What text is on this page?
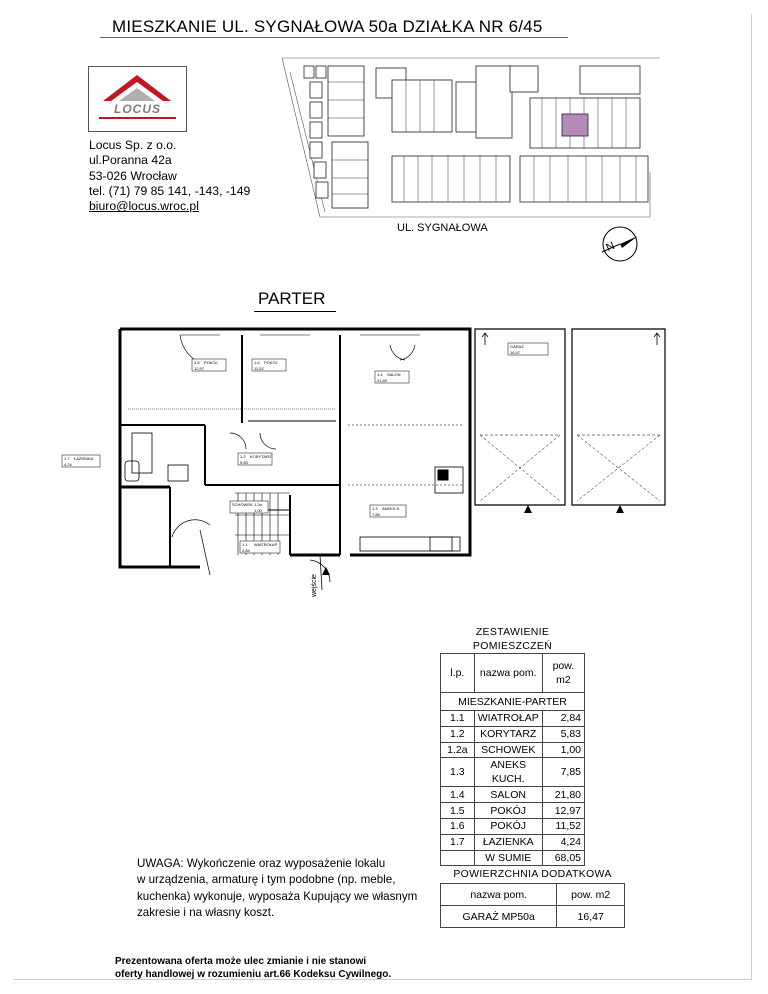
MIESZKANIE UL. SYGNAŁOWA 50a DZIAŁKA NR 6/45
LOCUS
Locus Sp. z o.o.
ul.Poranna 42a
53-026 Wrocław
tel. (71) 79 85 141, -143, -149
biuro@locus.wroc.pl
UL. SYGNAŁOWA
N
PARTER
1.5 POKÓJ
12,97
1.6 POKÓJ
11,52
1.4 SALON
21,80
1.7 ŁAZIENKA
4,24
1.2 KORYTARZ
5,83
SCHOWEK 1.2a
1,00	1.3 ANEKS K.
7,85
1.1 WIATROŁAP
2,84
GARAŻ
16,47
wejście
ZESTAWIENIE POMIESZCZEŃ		
l.p.	nazwa pom.	pow. m2
MIESZKANIE-PARTER		
1.1	WIATROŁAP	2,84
1.2	KORYTARZ	5,83
1.2a	SCHOWEK	1,00
1.3	ANEKS KUCH.	7,85
1.4	SALON	21,80
1.5	POKÓJ	12,97
1.6	POKÓJ	11,52
1.7	ŁAZIENKA	4,24
	W SUMIE	68,05
POWIERZCHNIA DODATKOWA	
nazwa pom.	pow. m2
GARAŻ MP50a	16,47
UWAGA: Wykończenie oraz wyposażenie lokalu
w urządzenia, armaturę i tym podobne (np. meble,
kuchenka) wykonuje, wyposaża Kupujący we własnym
zakresie i na własny koszt.
Prezentowana oferta może ulec zmianie i nie stanowi
oferty handlowej w rozumieniu art.66 Kodeksu Cywilnego.
